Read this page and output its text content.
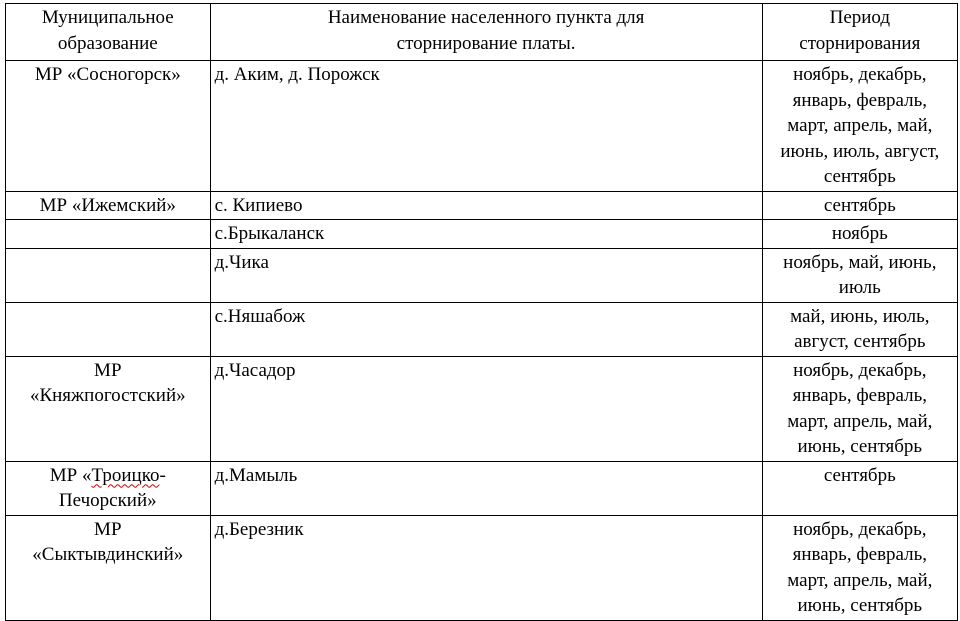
Муниципальное
образование	Наименование населенного пункта для
сторнирование платы.	Период
сторнирования

МР «Сосногорск»	д. Аким, д. Порожск	ноябрь, декабрь,
январь, февраль,
март, апрель, май,
июнь, июль, август,
сентябрь

МР «Ижемский»	с. Кипиево	сентябрь

	с.Брыкаланск	ноябрь

	д.Чика	ноябрь, май, июнь,
июль

	с.Няшабож	май, июнь, июль,
август, сентябрь

МР
«Княжпогостский»	д.Часадор	ноябрь, декабрь,
январь, февраль,
март, апрель, май,
июнь, сентябрь

МР «Троицко-
Печорский»	д.Мамыль	сентябрь

МР
«Сыктывдинский»	д.Березник	ноябрь, декабрь,
январь, февраль,
март, апрель, май,
июнь, сентябрь
